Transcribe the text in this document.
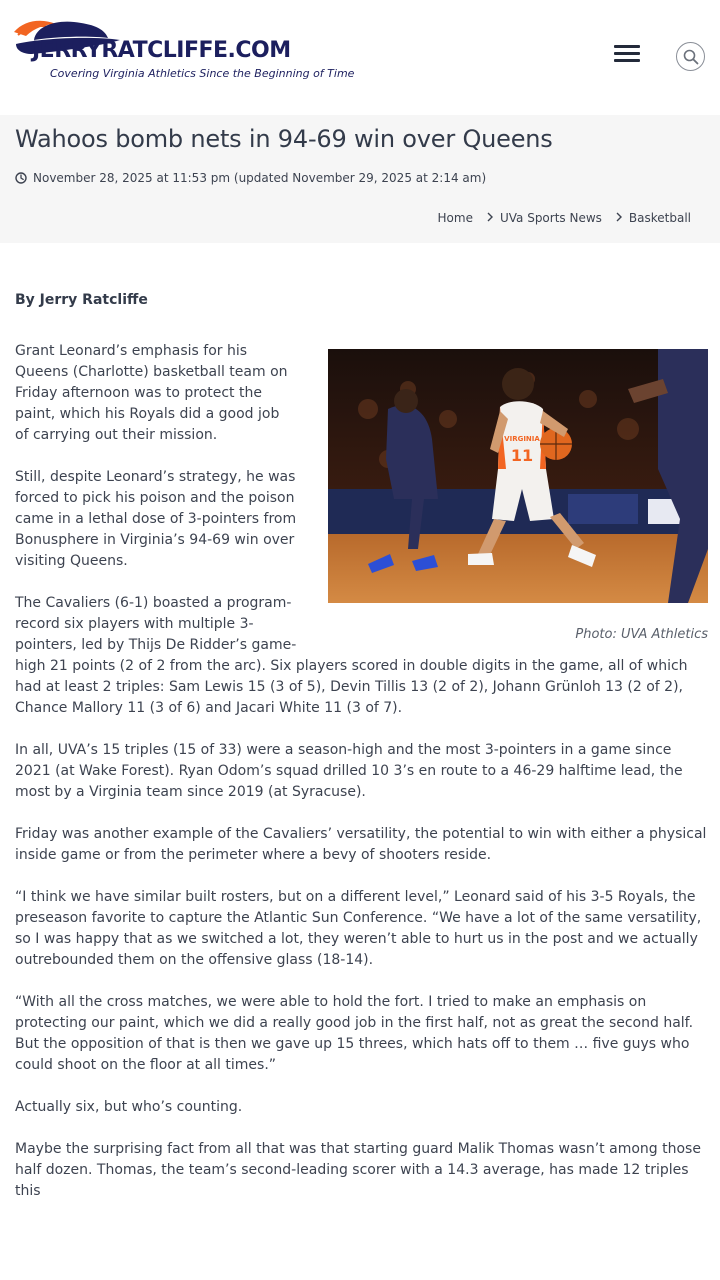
JERRYRATCLIFFE.COM
Covering Virginia Athletics Since the Beginning of Time
Wahoos bomb nets in 94-69 win over Queens
November 28, 2025 at 11:53 pm (updated November 29, 2025 at 2:14 am)
Home UVa Sports News Basketball
By Jerry Ratcliffe
11
VIRGINIA
Photo: UVA Athletics

Grant Leonard’s emphasis for his Queens (Charlotte) basketball team on Friday afternoon was to protect the paint, which his Royals did a good job of carrying out their mission.

Still, despite Leonard’s strategy, he was forced to pick his poison and the poison came in a lethal dose of 3-pointers from Bonusphere in Virginia’s 94-69 win over visiting Queens.

The Cavaliers (6-1) boasted a program-record six players with multiple 3-pointers, led by Thijs De Ridder’s game-high 21 points (2 of 2 from the arc). Six players scored in double digits in the game, all of which had at least 2 triples: Sam Lewis 15 (3 of 5), Devin Tillis 13 (2 of 2), Johann Grünloh 13 (2 of 2), Chance Mallory 11 (3 of 6) and Jacari White 11 (3 of 7).

In all, UVA’s 15 triples (15 of 33) were a season-high and the most 3-pointers in a game since 2021 (at Wake Forest). Ryan Odom’s squad drilled 10 3’s en route to a 46-29 halftime lead, the most by a Virginia team since 2019 (at Syracuse).

Friday was another example of the Cavaliers’ versatility, the potential to win with either a physical inside game or from the perimeter where a bevy of shooters reside.

“I think we have similar built rosters, but on a different level,” Leonard said of his 3-5 Royals, the preseason favorite to capture the Atlantic Sun Conference. “We have a lot of the same versatility, so I was happy that as we switched a lot, they weren’t able to hurt us in the post and we actually outrebounded them on the offensive glass (18-14).

“With all the cross matches, we were able to hold the fort. I tried to make an emphasis on protecting our paint, which we did a really good job in the first half, not as great the second half. But the opposition of that is then we gave up 15 threes, which hats off to them … five guys who could shoot on the floor at all times.”

Actually six, but who’s counting.

Maybe the surprising fact from all that was that starting guard Malik Thomas wasn’t among those half dozen. Thomas, the team’s second-leading scorer with a 14.3 average, has made 12 triples this
